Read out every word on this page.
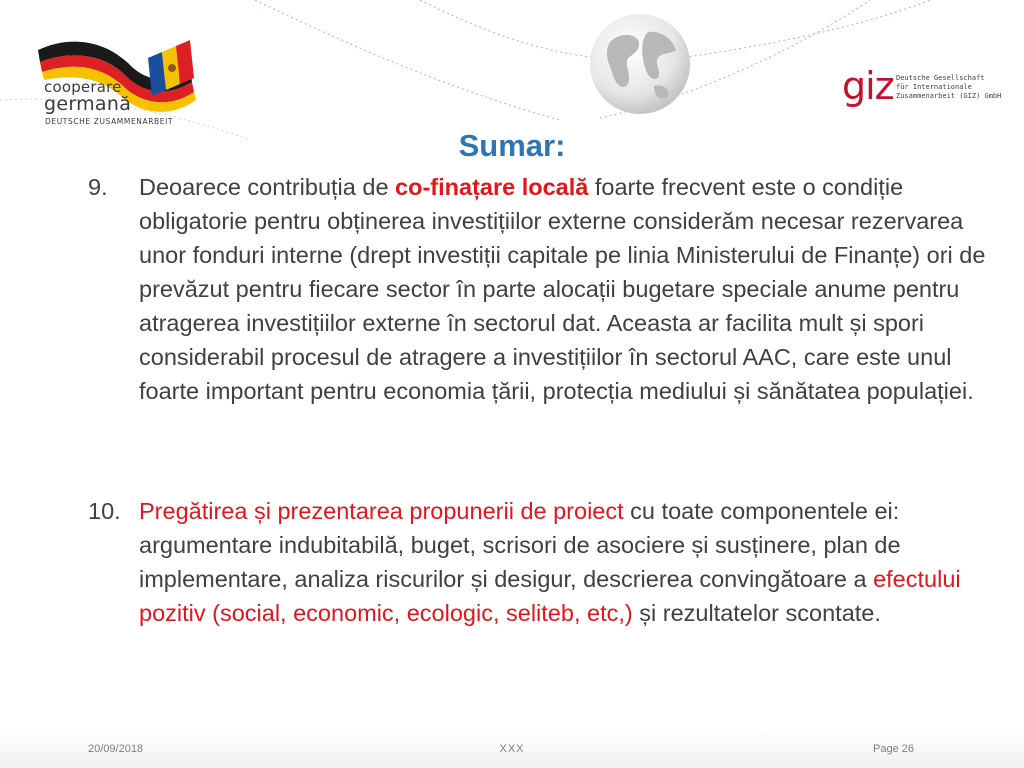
cooperare
germană
DEUTSCHE ZUSAMMENARBEIT
giz Deutsche Gesellschaft
für Internationale
Zusammenarbeit (GIZ) GmbH
Sumar:
9. Deoarece contribuția de co-finațare locală foarte frecvent este o condiție obligatorie pentru obținerea investițiilor externe considerăm necesar rezervarea unor fonduri interne (drept investiții capitale pe linia Ministerului de Finanțe) ori de prevăzut pentru fiecare sector în parte alocații bugetare speciale anume pentru atragerea investițiilor externe în sectorul dat. Aceasta ar facilita mult și spori considerabil procesul de atragere a investițiilor în sectorul AAC, care este unul foarte important pentru economia țării, protecția mediului și sănătatea populației.
10. Pregătirea și prezentarea propunerii de proiect cu toate componentele ei: argumentare indubitabilă, buget, scrisori de asociere și susținere, plan de implementare, analiza riscurilor și desigur, descrierea convingătoare a efectului pozitiv (social, economic, ecologic, seliteb, etc,) și rezultatelor scontate.
20/09/2018	XXX	Page 26
